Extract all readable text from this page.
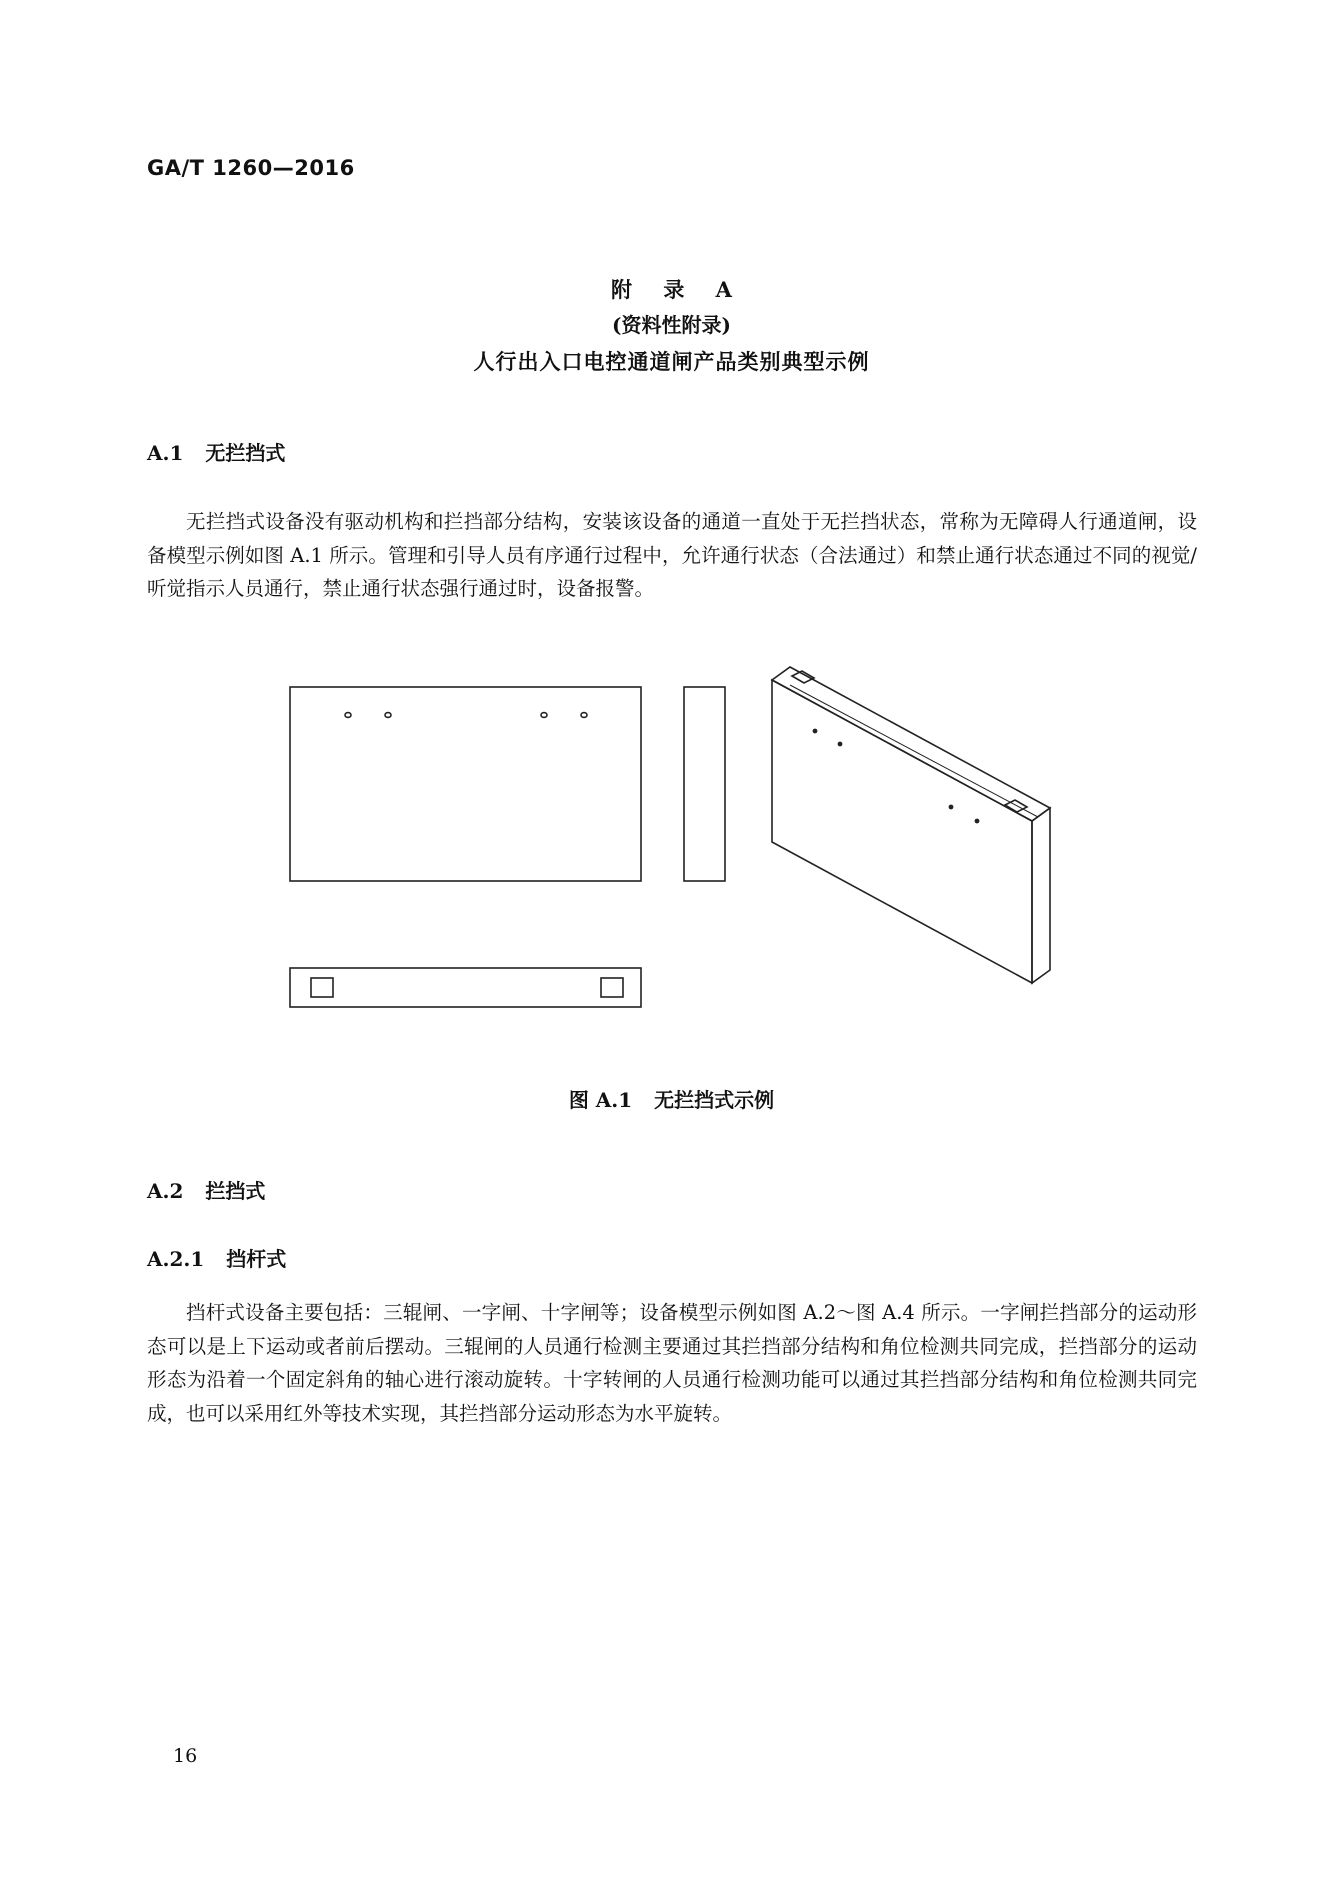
GA/T 1260—2016
附 录 A
(资料性附录)
人行出入口电控通道闸产品类别典型示例
A.1 无拦挡式
无拦挡式设备没有驱动机构和拦挡部分结构，安装该设备的通道一直处于无拦挡状态，常称为无障碍人行通道闸，设备模型示例如图 A.1 所示。管理和引导人员有序通行过程中，允许通行状态（合法通过）和禁止通行状态通过不同的视觉/听觉指示人员通行，禁止通行状态强行通过时，设备报警。
图 A.1 无拦挡式示例
A.2 拦挡式
A.2.1 挡杆式
挡杆式设备主要包括：三辊闸、一字闸、十字闸等；设备模型示例如图 A.2～图 A.4 所示。一字闸拦挡部分的运动形态可以是上下运动或者前后摆动。三辊闸的人员通行检测主要通过其拦挡部分结构和角位检测共同完成，拦挡部分的运动形态为沿着一个固定斜角的轴心进行滚动旋转。十字转闸的人员通行检测功能可以通过其拦挡部分结构和角位检测共同完成，也可以采用红外等技术实现，其拦挡部分运动形态为水平旋转。
16
